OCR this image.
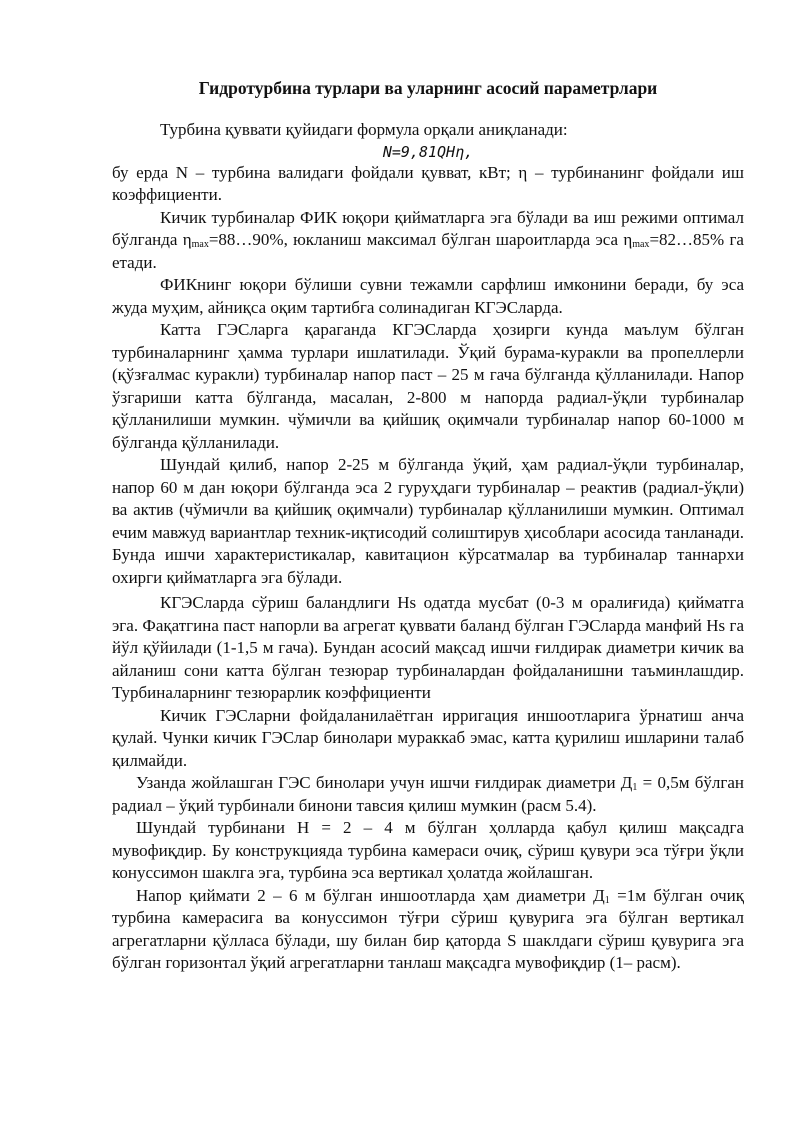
Гидротурбина турлари ва уларнинг асосий параметрлари

Турбина қуввати қуйидаги формула орқали аниқланади:

N=9,81QHη,

бу ерда N – турбина валидаги фойдали қувват, кВт; η – турбинанинг фойдали иш коэффициенти.

Кичик турбиналар ФИК юқори қийматларга эга бўлади ва иш режими оптимал бўлганда $\eta_{max}=88\dots 90\%$, юкланиш максимал бўлган шароитларда эса $\eta_{max}=82\dots 85\%$ га етади.

ФИКнинг юқори бўлиши сувни тежамли сарфлиш имконини беради, бу эса жуда муҳим, айниқса оқим тартибга солинадиган КГЭСларда.

Катта ГЭСларга қараганда КГЭСларда ҳозирги кунда маълум бўлган турбиналарнинг ҳамма турлари ишлатилади. Ўқий бурама-куракли ва пропеллерли (қўзғалмас куракли) турбиналар напор паст – 25 м гача бўлганда қўлланилади. Напор ўзгариши катта бўлганда, масалан, 2-800 м напорда радиал-ўқли турбиналар қўлланилиши мумкин. чўмичли ва қийшиқ оқимчали турбиналар напор 60-1000 м бўлганда қўлланилади.

Шундай қилиб, напор 2-25 м бўлганда ўқий, ҳам радиал-ўқли турбиналар, напор 60 м дан юқори бўлганда эса 2 гуруҳдаги турбиналар – реактив (радиал-ўқли) ва актив (чўмичли ва қийшиқ оқимчали) турбиналар қўлланилиши мумкин. Оптимал ечим мавжуд вариантлар техник-иқтисодий солиштирув ҳисоблари асосида танланади. Бунда ишчи характеристикалар, кавитацион кўрсатмалар ва турбиналар таннархи охирги қийматларга эга бўлади.

КГЭСларда сўриш баландлиги Hs одатда мусбат (0-3 м оралиғида) қийматга эга. Фақатгина паст напорли ва агрегат қуввати баланд бўлган ГЭСларда манфий Hs га йўл қўйилади (1-1,5 м гача). Бундан асосий мақсад ишчи ғилдирак диаметри кичик ва айланиш сони катта бўлган тезюрар турбиналардан фойдаланишни таъминлашдир. Турбиналарнинг тезюрарлик коэффициенти

Кичик ГЭСларни фойдаланилаётган ирригация иншоотларига ўрнатиш анча қулай. Чунки кичик ГЭСлар бинолари мураккаб эмас, катта қурилиш ишларини талаб қилмайди.

Узанда жойлашган ГЭС бинолари учун ишчи ғилдирак диаметри $Д_1 = 0,5м$ бўлган радиал – ўқий турбинали бинони тавсия қилиш мумкин (расм 5.4).

Шундай турбинани Н = 2 – 4 м бўлган ҳолларда қабул қилиш мақсадга мувофиқдир. Бу конструкцияда турбина камераси очиқ, сўриш қувури эса тўғри ўқли конуссимон шаклга эга, турбина эса вертикал ҳолатда жойлашган.

Напор қиймати 2 – 6 м бўлган иншоотларда ҳам диаметри $Д_1 =1м$ бўлган очиқ турбина камерасига ва конуссимон тўғри сўриш қувурига эга бўлган вертикал агрегатларни қўлласа бўлади, шу билан бир қаторда S шаклдаги сўриш қувурига эга бўлган горизонтал ўқий агрегатларни танлаш мақсадга мувофиқдир (1– расм).
